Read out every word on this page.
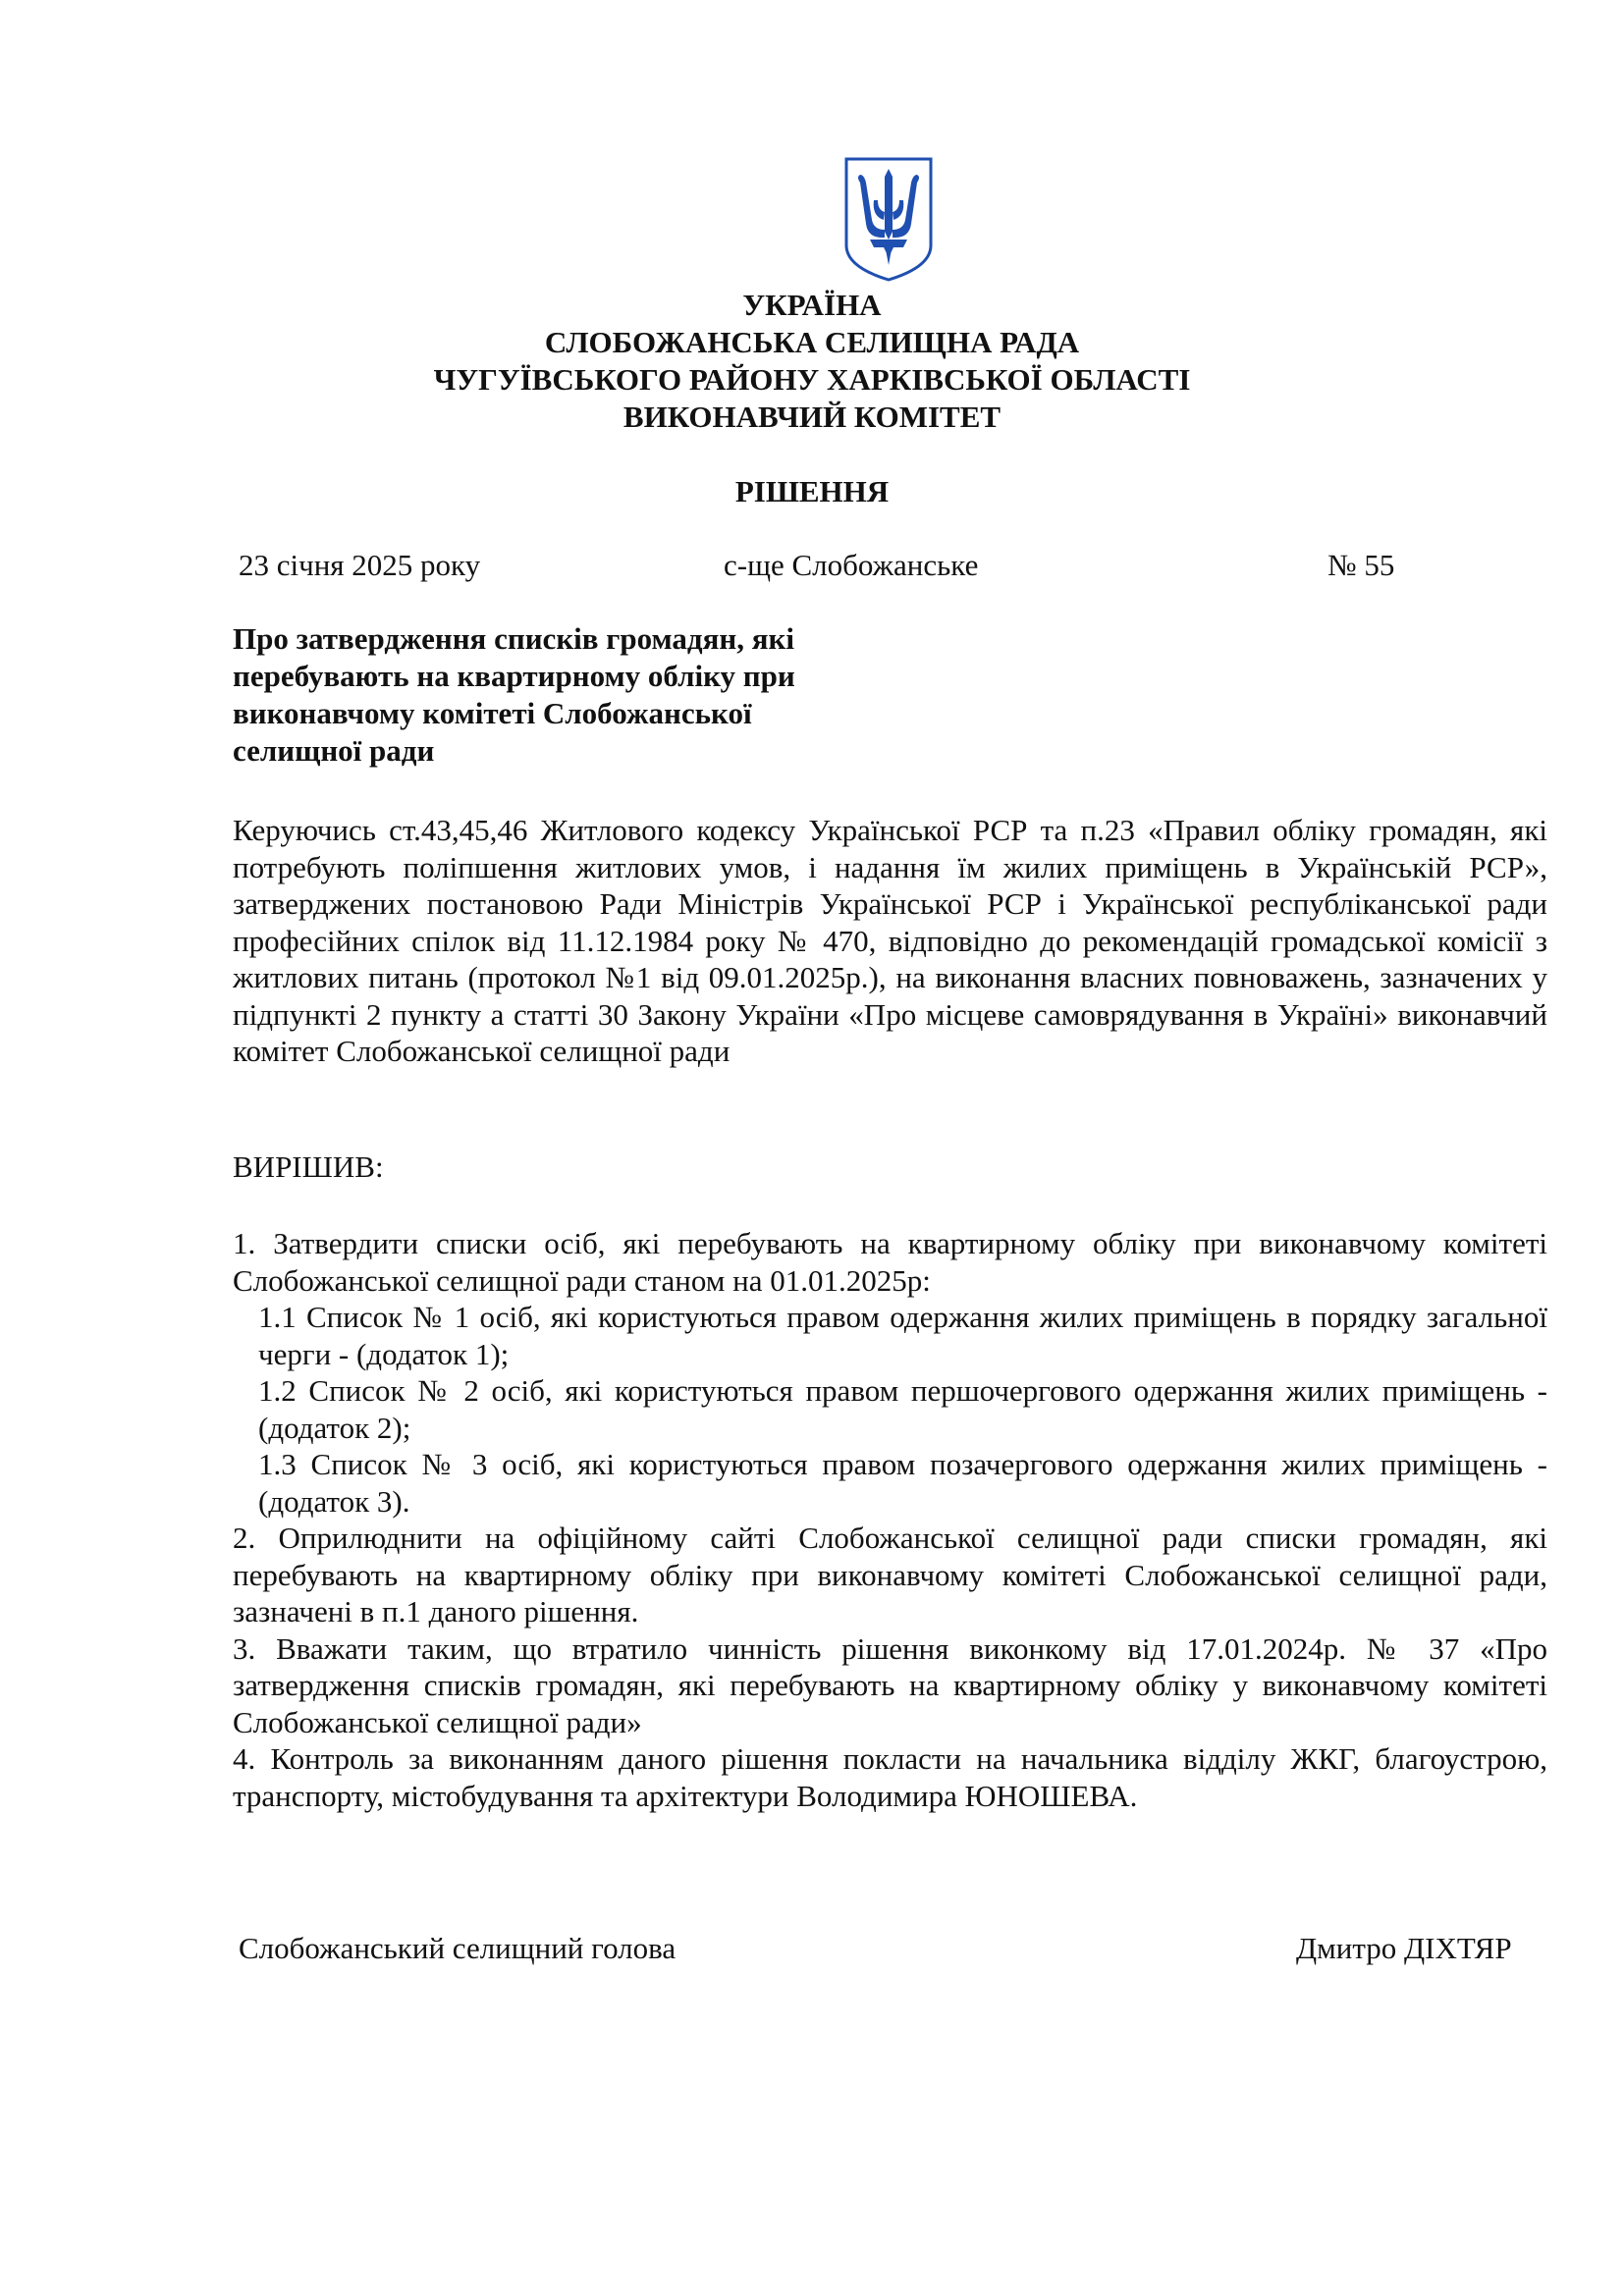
УКРАЇНА
СЛОБОЖАНСЬКА СЕЛИЩНА РАДА
ЧУГУЇВСЬКОГО РАЙОНУ ХАРКІВСЬКОЇ ОБЛАСТІ
ВИКОНАВЧИЙ КОМІТЕТ
РІШЕННЯ
23 січня 2025 року	с-ще Слобожанське	№ 55
Про затвердження списків громадян, які перебувають на квартирному обліку при виконавчому комітеті Слобожанської селищної ради

Керуючись ст.43,45,46 Житлового кодексу Української РСР та п.23 «Правил обліку громадян, які потребують поліпшення житлових умов, і надання їм жилих приміщень в Українській РСР», затверджених постановою Ради Міністрів Української РСР і Української республіканської ради професійних спілок від 11.12.1984 року № 470, відповідно до рекомендацій громадської комісії з житлових питань (протокол №1 від 09.01.2025р.), на виконання власних повноважень, зазначених у підпункті 2 пункту а статті 30 Закону України «Про місцеве самоврядування в Україні» виконавчий комітет Слобожанської селищної ради

ВИРІШИВ:

1. Затвердити списки осіб, які перебувають на квартирному обліку при виконавчому комітеті Слобожанської селищної ради станом на 01.01.2025р:

1.1 Список № 1 осіб, які користуються правом одержання жилих приміщень в порядку загальної черги - (додаток 1);

1.2 Список № 2 осіб, які користуються правом першочергового одержання жилих приміщень - (додаток 2);

1.3 Список № 3 осіб, які користуються правом позачергового одержання жилих приміщень - (додаток 3).

2. Оприлюднити на офіційному сайті Слобожанської селищної ради списки громадян, які перебувають на квартирному обліку при виконавчому комітеті Слобожанської селищної ради, зазначені в п.1 даного рішення.

3. Вважати таким, що втратило чинність рішення виконкому від 17.01.2024р. № 37 «Про затвердження списків громадян, які перебувають на квартирному обліку у виконавчому комітеті Слобожанської селищної ради»

4. Контроль за виконанням даного рішення покласти на начальника відділу ЖКГ, благоустрою, транспорту, містобудування та архітектури Володимира ЮНОШЕВА.

Слобожанський селищний голова	Дмитро ДІХТЯР
